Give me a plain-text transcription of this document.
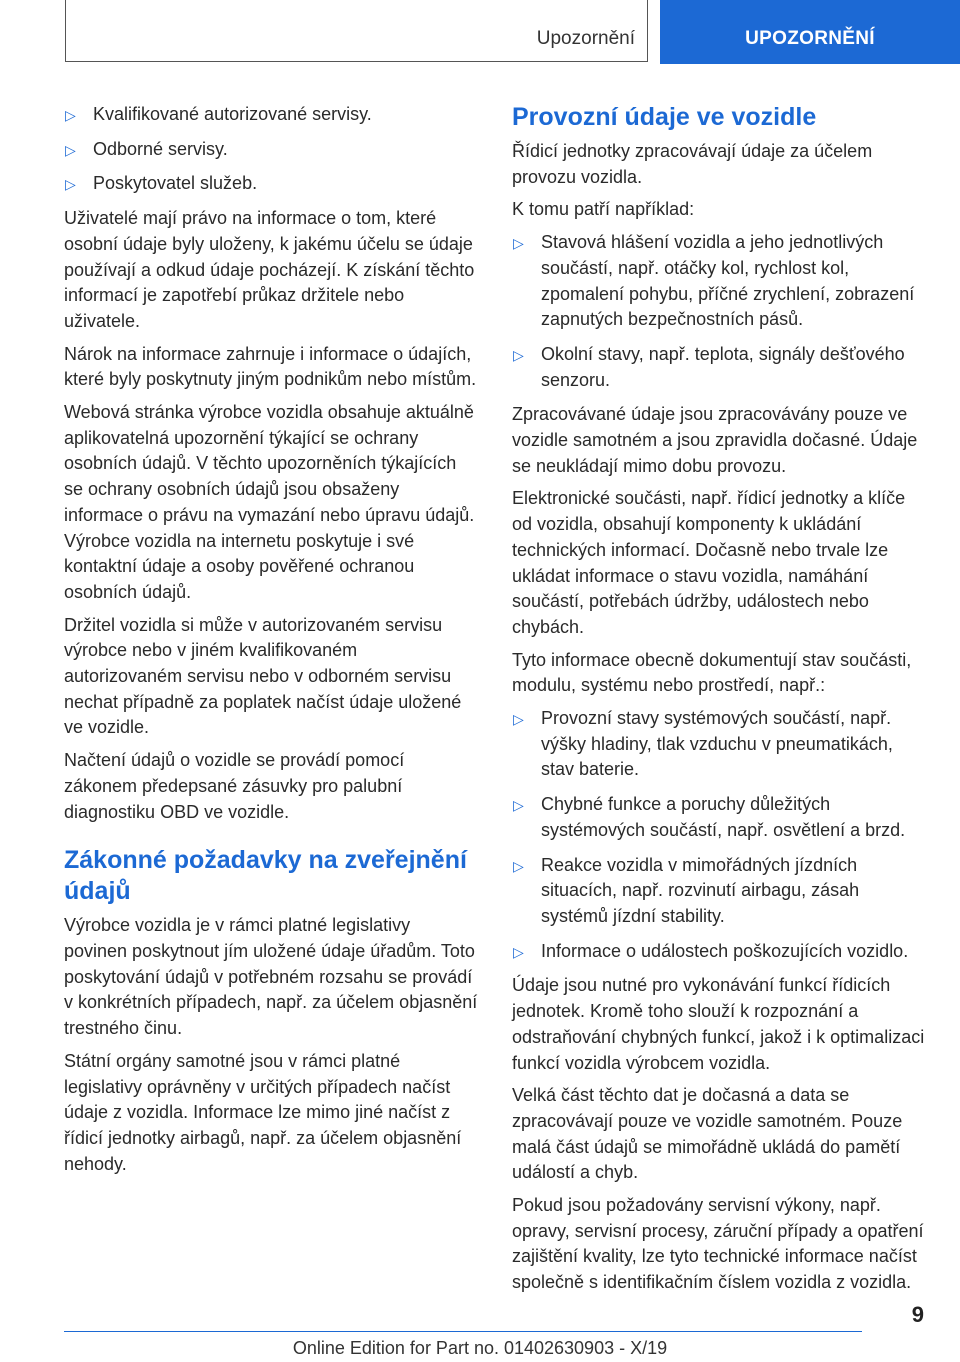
Upozornění	UPOZORNĚNÍ
▷ Kvalifikované autorizované servisy.
▷ Odborné servisy.
▷ Poskytovatel služeb.

Uživatelé mají právo na informace o tom, které osobní údaje byly uloženy, k jakému účelu se údaje používají a odkud údaje pocházejí. K získání těchto informací je zapotřebí průkaz držitele nebo uživatele.

Nárok na informace zahrnuje i informace o údajích, které byly poskytnuty jiným podnikům nebo místům.

Webová stránka výrobce vozidla obsahuje aktuálně aplikovatelná upozornění týkající se ochrany osobních údajů. V těchto upozorněních týkajících se ochrany osobních údajů jsou obsaženy informace o právu na vymazání nebo úpravu údajů. Výrobce vozidla na internetu poskytuje i své kontaktní údaje a osoby pověřené ochranou osobních údajů.

Držitel vozidla si může v autorizovaném servisu výrobce nebo v jiném kvalifikovaném autorizovaném servisu nebo v odborném servisu nechat případně za poplatek načíst údaje uložené ve vozidle.

Načtení údajů o vozidle se provádí pomocí zákonem předepsané zásuvky pro palubní diagnostiku OBD ve vozidle.

Zákonné požadavky na zveřejnění údajů

Výrobce vozidla je v rámci platné legislativy povinen poskytnout jím uložené údaje úřadům. Toto poskytování údajů v potřebném rozsahu se provádí v konkrétních případech, např. za účelem objasnění trestného činu.

Státní orgány samotné jsou v rámci platné legislativy oprávněny v určitých případech načíst údaje z vozidla. Informace lze mimo jiné načíst z řídicí jednotky airbagů, např. za účelem objasnění nehody.

Provozní údaje ve vozidle

Řídicí jednotky zpracovávají údaje za účelem provozu vozidla.

K tomu patří například:

▷ Stavová hlášení vozidla a jeho jednotlivých součástí, např. otáčky kol, rychlost kol, zpomalení pohybu, příčné zrychlení, zobrazení zapnutých bezpečnostních pásů.
▷ Okolní stavy, např. teplota, signály dešťového senzoru.

Zpracovávané údaje jsou zpracovávány pouze ve vozidle samotném a jsou zpravidla dočasné. Údaje se neukládají mimo dobu provozu.

Elektronické součásti, např. řídicí jednotky a klíče od vozidla, obsahují komponenty k ukládání technických informací. Dočasně nebo trvale lze ukládat informace o stavu vozidla, namáhání součástí, potřebách údržby, událostech nebo chybách.

Tyto informace obecně dokumentují stav součásti, modulu, systému nebo prostředí, např.:

▷ Provozní stavy systémových součástí, např. výšky hladiny, tlak vzduchu v pneumatikách, stav baterie.
▷ Chybné funkce a poruchy důležitých systémových součástí, např. osvětlení a brzd.
▷ Reakce vozidla v mimořádných jízdních situacích, např. rozvinutí airbagu, zásah systémů jízdní stability.
▷ Informace o událostech poškozujících vozidlo.

Údaje jsou nutné pro vykonávání funkcí řídicích jednotek. Kromě toho slouží k rozpoznání a odstraňování chybných funkcí, jakož i k optimalizaci funkcí vozidla výrobcem vozidla.

Velká část těchto dat je dočasná a data se zpracovávají pouze ve vozidle samotném. Pouze malá část údajů se mimořádně ukládá do pamětí událostí a chyb.

Pokud jsou požadovány servisní výkony, např. opravy, servisní procesy, záruční případy a opatření zajištění kvality, lze tyto technické informace načíst společně s identifikačním číslem vozidla z vozidla.

9
Online Edition for Part no. 01402630903 - X/19
